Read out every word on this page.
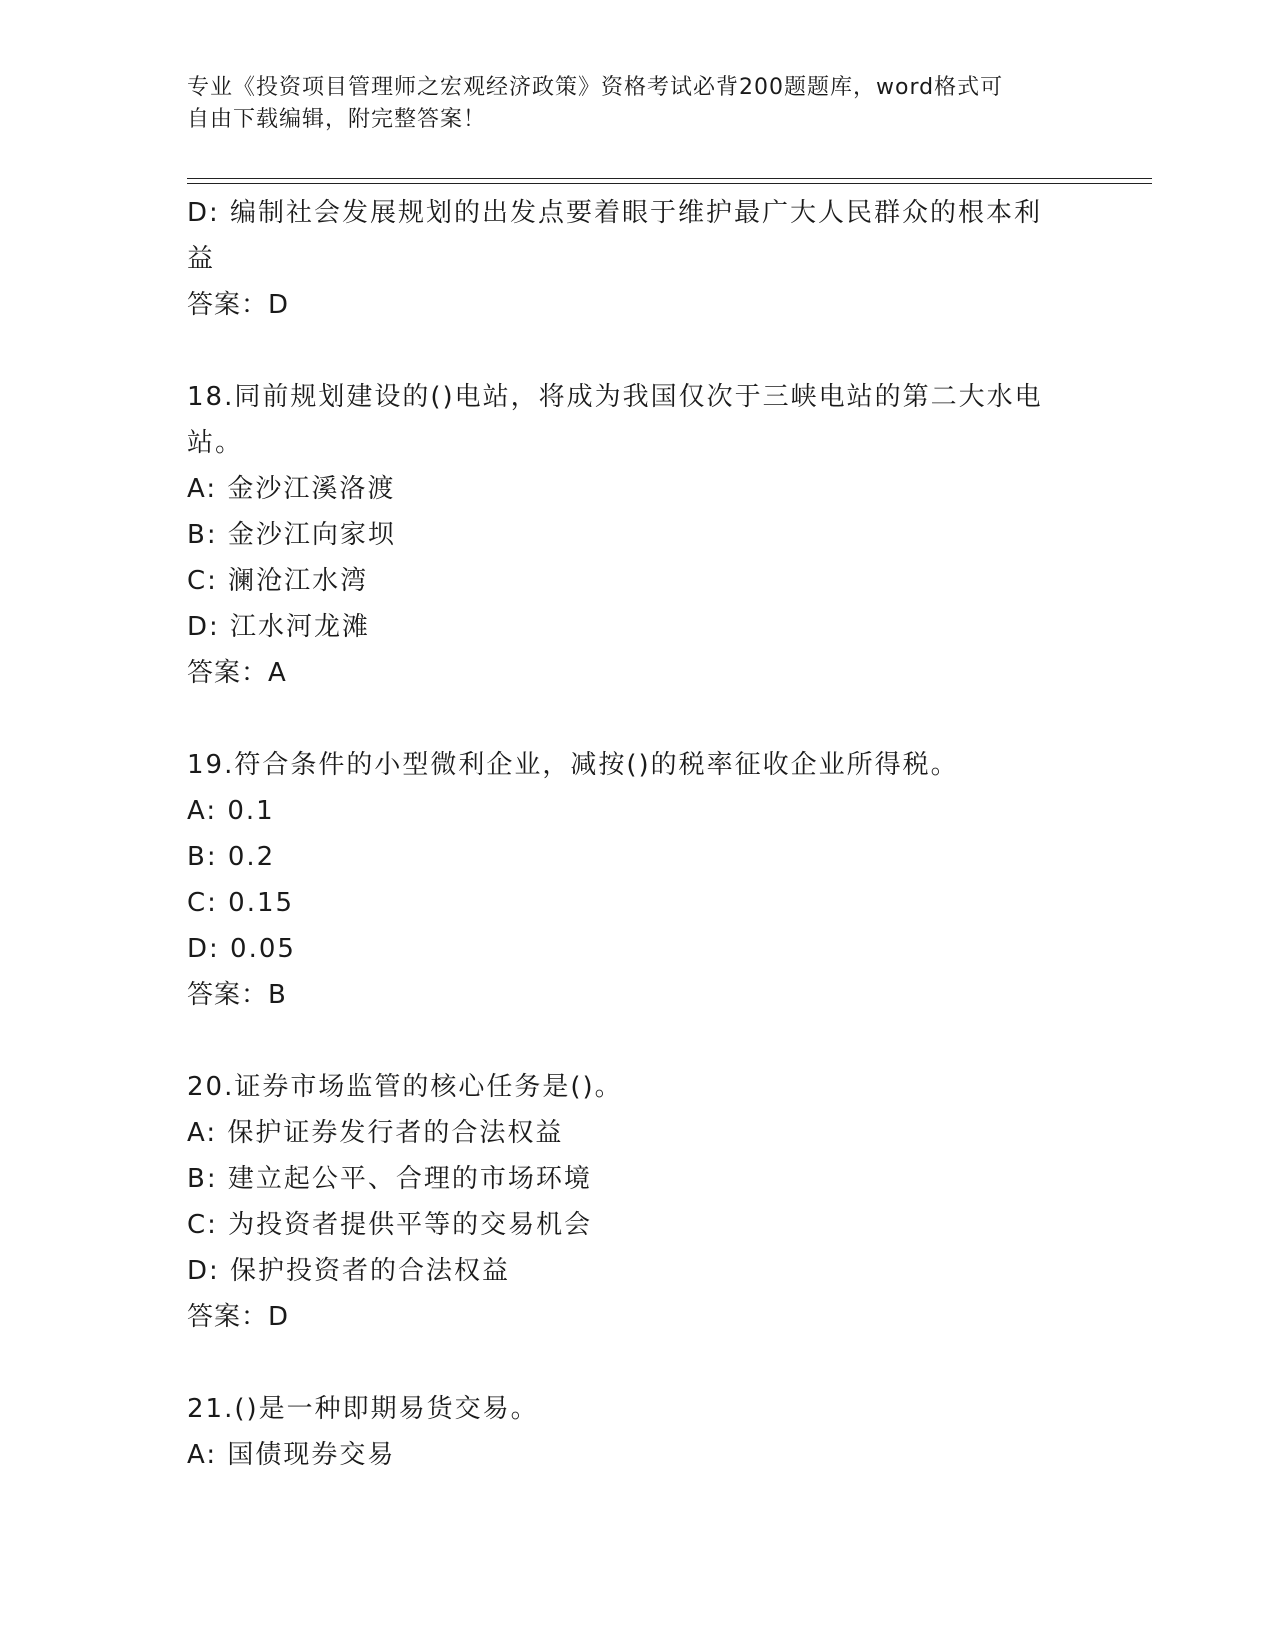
专业《投资项目管理师之宏观经济政策》资格考试必背200题题库，word格式可
自由下载编辑，附完整答案！
D: 编制社会发展规划的出发点要着眼于维护最广大人民群众的根本利
益
答案：D
18.同前规划建设的()电站，将成为我国仅次于三峡电站的第二大水电
站。
A: 金沙江溪洛渡
B: 金沙江向家坝
C: 澜沧江水湾
D: 江水河龙滩
答案：A
19.符合条件的小型微利企业，减按()的税率征收企业所得税。
A: 0.1
B: 0.2
C: 0.15
D: 0.05
答案：B
20.证券市场监管的核心任务是()。
A: 保护证券发行者的合法权益
B: 建立起公平、合理的市场环境
C: 为投资者提供平等的交易机会
D: 保护投资者的合法权益
答案：D
21.()是一种即期易货交易。
A: 国债现券交易
